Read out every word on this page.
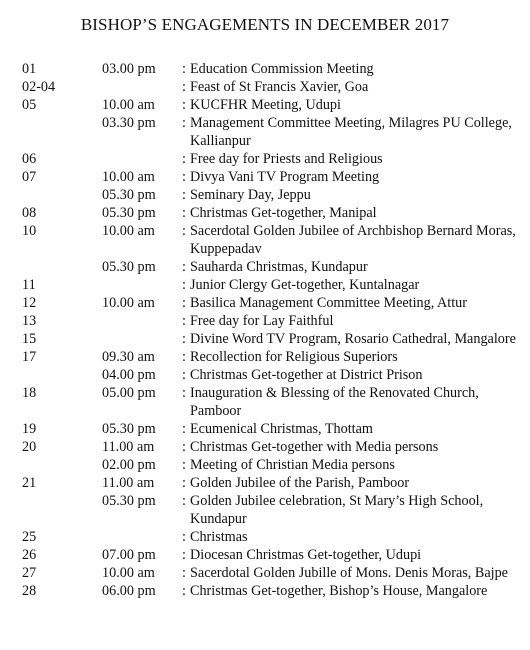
BISHOP’S ENGAGEMENTS IN DECEMBER 2017
01	03.00 pm	: Education Commission Meeting
02-04	: Feast of St Francis Xavier, Goa
05	10.00 am	: KUCFHR Meeting, Udupi
03.30 pm	: Management Committee Meeting, Milagres PU College, Kallianpur
06	: Free day for Priests and Religious
07	10.00 am	: Divya Vani TV Program Meeting
05.30 pm	: Seminary Day, Jeppu
08	05.30 pm	: Christmas Get-together, Manipal
10	10.00 am	: Sacerdotal Golden Jubilee of Archbishop Bernard Moras, Kuppepadav
05.30 pm	: Sauharda Christmas, Kundapur
11	: Junior Clergy Get-together, Kuntalnagar
12	10.00 am	: Basilica Management Committee Meeting, Attur
13	: Free day for Lay Faithful
15	: Divine Word TV Program, Rosario Cathedral, Mangalore
17	09.30 am	: Recollection for Religious Superiors
04.00 pm	: Christmas Get-together at District Prison
18	05.00 pm	: Inauguration & Blessing of the Renovated Church, Pamboor
19	05.30 pm	: Ecumenical Christmas, Thottam
20	11.00 am	: Christmas Get-together with Media persons
02.00 pm	: Meeting of Christian Media persons
21	11.00 am	: Golden Jubilee of the Parish, Pamboor
05.30 pm	: Golden Jubilee celebration, St Mary’s High School, Kundapur
25	: Christmas
26	07.00 pm	: Diocesan Christmas Get-together, Udupi
27	10.00 am	: Sacerdotal Golden Jubille of Mons. Denis Moras, Bajpe
28	06.00 pm	: Christmas Get-together, Bishop’s House, Mangalore
